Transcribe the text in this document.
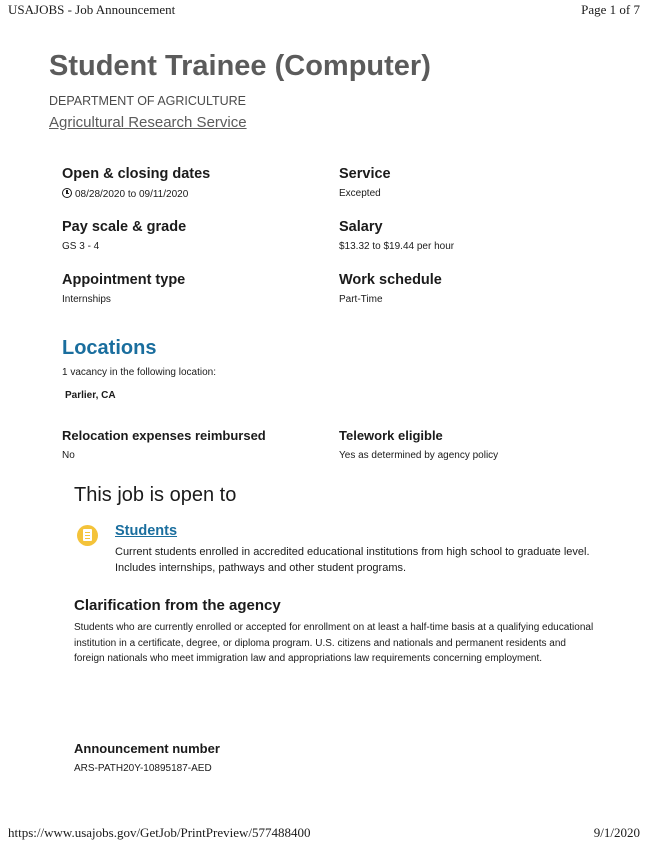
USAJOBS - Job Announcement	Page 1 of 7
Student Trainee (Computer)
DEPARTMENT OF AGRICULTURE
Agricultural Research Service
Open & closing dates
08/28/2020 to 09/11/2020
Service
Excepted
Pay scale & grade
GS 3 - 4
Salary
$13.32 to $19.44 per hour
Appointment type
Internships
Work schedule
Part-Time
Locations
1 vacancy in the following location:
Parlier, CA
Relocation expenses reimbursed
No
Telework eligible
Yes as determined by agency policy
This job is open to
Students
Current students enrolled in accredited educational institutions from high school to graduate level. Includes internships, pathways and other student programs.
Clarification from the agency
Students who are currently enrolled or accepted for enrollment on at least a half-time basis at a qualifying educational institution in a certificate, degree, or diploma program. U.S. citizens and nationals and permanent residents and foreign nationals who meet immigration law and appropriations law requirements concerning employment.
Announcement number
ARS-PATH20Y-10895187-AED
https://www.usajobs.gov/GetJob/PrintPreview/577488400	9/1/2020
